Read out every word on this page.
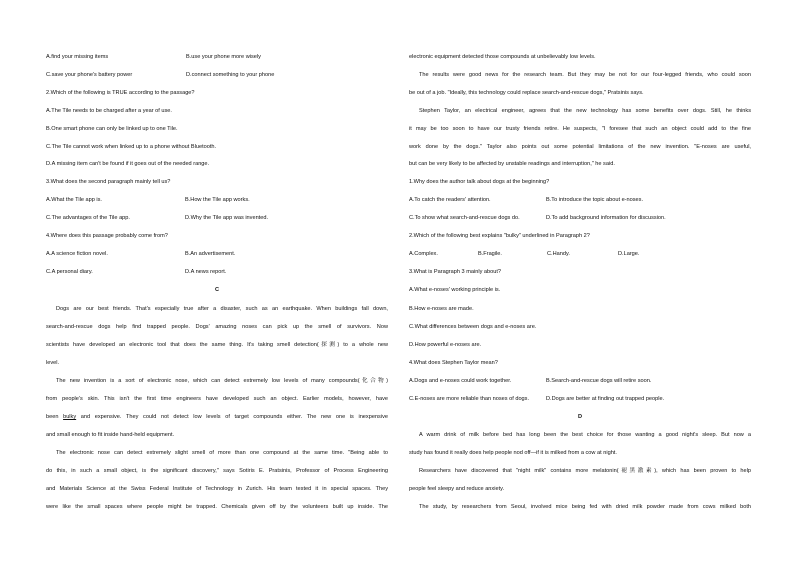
A.find your missing items	B.use your phone more wisely
C.save your phone's battery power	D.connect something to your phone
2.Which of the following is TRUE according to the passage?
A.The Tile needs to be charged after a year of use.
B.One smart phone can only be linked up to one Tile.
C.The Tile cannot work when linked up to a phone without Bluetooth.
D.A missing item can't be found if it goes out of the needed range.
3.What does the second paragraph mainly tell us?
A.What the Tile app is.	B.How the Tile app works.
C.The advantages of the Tile app.	D.Why the Tile app was invented.
4.Where does this passage probably come from?
A.A science fiction novel.	B.An advertisement.
C.A personal diary.	D.A news report.
C
Dogs are our best friends. That's especially true after a disaster, such as an earthquake. When buildings fall down,
search-and-rescue dogs help find trapped people. Dogs' amazing noses can pick up the smell of survivors. Now
scientists have developed an electronic tool that does the same thing. It's taking smell detection(探测) to a whole new
level.
The new invention is a sort of electronic nose, which can detect extremely low levels of many compounds(化合物)
from people's skin. This isn't the first time engineers have developed such an object. Earlier models, however, have
been bulky and expensive. They could not detect low levels of target compounds either. The new one is inexpensive
and small enough to fit inside hand-held equipment.
The electronic nose can detect extremely slight smell of more than one compound at the same time. "Being able to
do this, in such a small object, is the significant discovery," says Sotiris E. Pratsinis, Professor of Process Engineering
and Materials Science at the Swiss Federal Institute of Technology in Zurich. His team tested it in special spaces. They
were like the small spaces where people might be trapped. Chemicals given off by the volunteers built up inside. The
electronic equipment detected those compounds at unbelievably low levels.
The results were good news for the research team. But they may be not for our four-legged friends, who could soon
be out of a job. "Ideally, this technology could replace search-and-rescue dogs," Pratsinis says.
Stephen Taylor, an electrical engineer, agrees that the new technology has some benefits over dogs. Still, he thinks
it may be too soon to have our trusty friends retire. He suspects, "I foresee that such an object could add to the fine
work done by the dogs." Taylor also points out some potential limitations of the new invention. "E-noses are useful,
but can be very likely to be affected by unstable readings and interruption," he said.
1.Why does the author talk about dogs at the beginning?
A.To catch the readers' attention.	B.To introduce the topic about e-noses.
C.To show what search-and-rescue dogs do.	D.To add background information for discussion.
2.Which of the following best explains "bulky" underlined in Paragraph 2?
A.Complex.	B.Fragile.	C.Handy.	D.Large.
3.What is Paragraph 3 mainly about?
A.What e-noses' working principle is.
B.How e-noses are made.
C.What differences between dogs and e-noses are.
D.How powerful e-noses are.
4.What does Stephen Taylor mean?
A.Dogs and e-noses could work together.	B.Search-and-rescue dogs will retire soon.
C.E-noses are more reliable than noses of dogs.	D.Dogs are better at finding out trapped people.
D
A warm drink of milk before bed has long been the best choice for those wanting a good night's sleep. But now a
study has found it really does help people nod off—if it is milked from a cow at night.
Researchers have discovered that "night milk" contains more melatonin(褪黑激素), which has been proven to help
people feel sleepy and reduce anxiety.
The study, by researchers from Seoul, involved mice being fed with dried milk powder made from cows milked both
